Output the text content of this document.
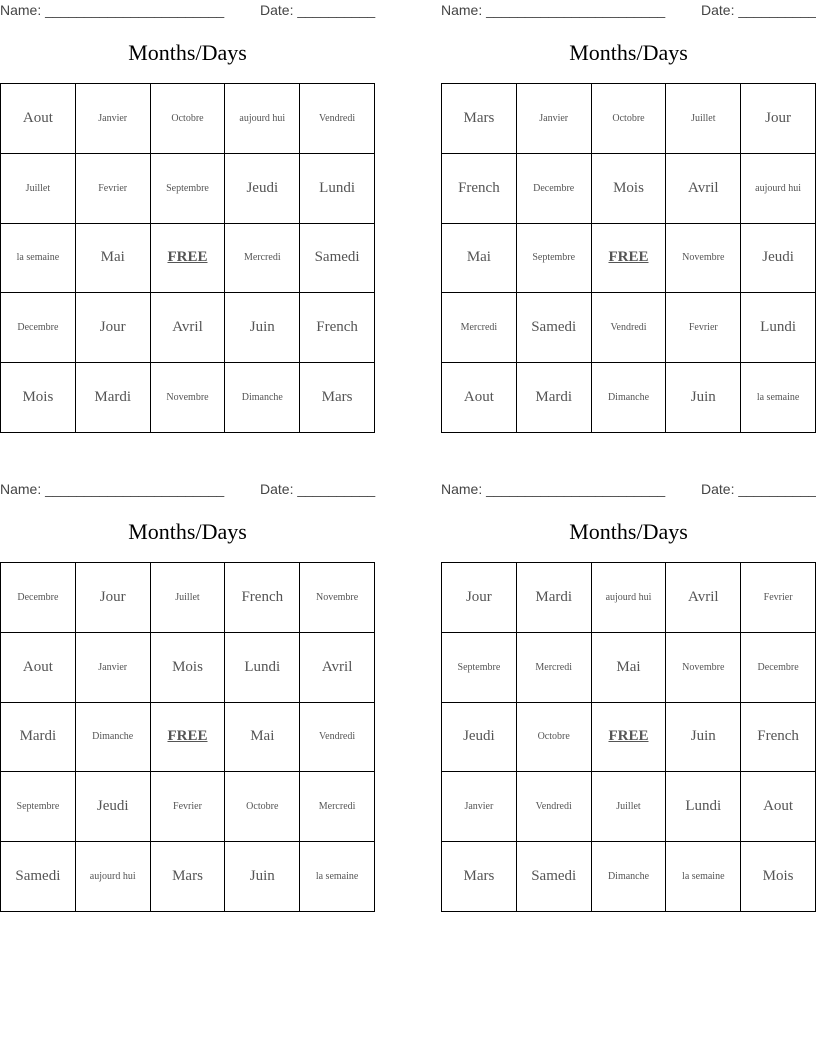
Name: _______________________	Date: __________
Months/Days
Aout	Janvier	Octobre	aujourd hui	Vendredi
Juillet	Fevrier	Septembre	Jeudi	Lundi
la semaine	Mai	FREE	Mercredi	Samedi
Decembre	Jour	Avril	Juin	French
Mois	Mardi	Novembre	Dimanche	Mars
Name: _______________________	Date: __________
Months/Days
Mars	Janvier	Octobre	Juillet	Jour
French	Decembre	Mois	Avril	aujourd hui
Mai	Septembre	FREE	Novembre	Jeudi
Mercredi	Samedi	Vendredi	Fevrier	Lundi
Aout	Mardi	Dimanche	Juin	la semaine
Name: _______________________	Date: __________
Months/Days
Decembre	Jour	Juillet	French	Novembre
Aout	Janvier	Mois	Lundi	Avril
Mardi	Dimanche	FREE	Mai	Vendredi
Septembre	Jeudi	Fevrier	Octobre	Mercredi
Samedi	aujourd hui	Mars	Juin	la semaine
Name: _______________________	Date: __________
Months/Days
Jour	Mardi	aujourd hui	Avril	Fevrier
Septembre	Mercredi	Mai	Novembre	Decembre
Jeudi	Octobre	FREE	Juin	French
Janvier	Vendredi	Juillet	Lundi	Aout
Mars	Samedi	Dimanche	la semaine	Mois
